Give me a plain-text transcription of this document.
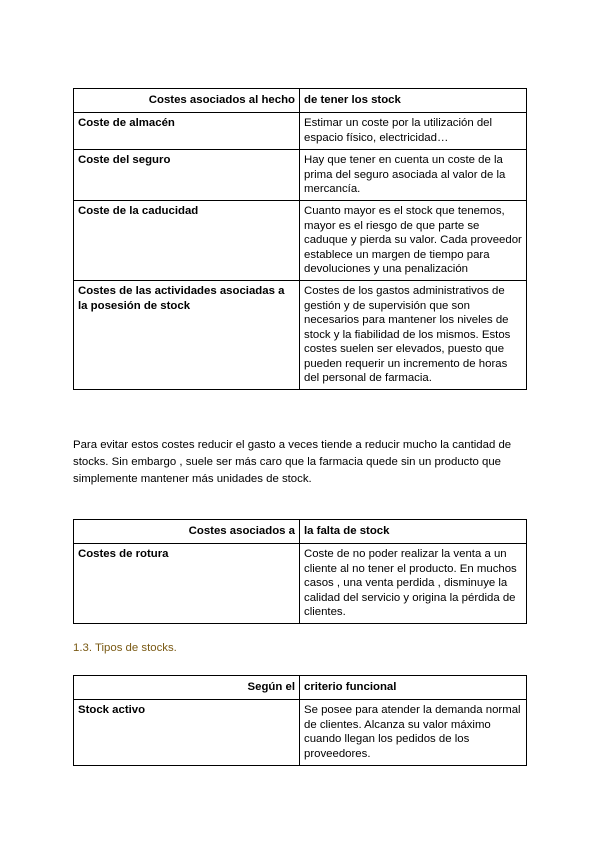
Costes asociados al hecho	de tener los stock
Coste de almacén	Estimar un coste por la utilización del espacio físico, electricidad…
Coste del seguro	Hay que tener en cuenta un coste de la prima del seguro asociada al valor de la mercancía.
Coste de la caducidad	Cuanto mayor es el stock que tenemos, mayor es el riesgo de que parte se caduque y pierda su valor. Cada proveedor establece un margen de tiempo para devoluciones y una penalización
Costes de las actividades asociadas a la posesión de stock	Costes de los gastos administrativos de gestión y de supervisión que son necesarios para mantener los niveles de stock y la fiabilidad de los mismos. Estos costes suelen ser elevados, puesto que pueden requerir un incremento de horas del personal de farmacia.

Para evitar estos costes reducir el gasto a veces tiende a reducir mucho la cantidad de stocks. Sin embargo , suele ser más caro que la farmacia quede sin un producto que simplemente mantener más unidades de stock.

Costes asociados a	la falta de stock
Costes de rotura	Coste de no poder realizar la venta a un cliente al no tener el producto. En muchos casos , una venta perdida , disminuye la calidad del servicio y origina la pérdida de clientes.
1.3. Tipos de stocks.
Según el	criterio funcional
Stock activo	Se posee para atender la demanda normal de clientes. Alcanza su valor máximo cuando llegan los pedidos de los proveedores.
